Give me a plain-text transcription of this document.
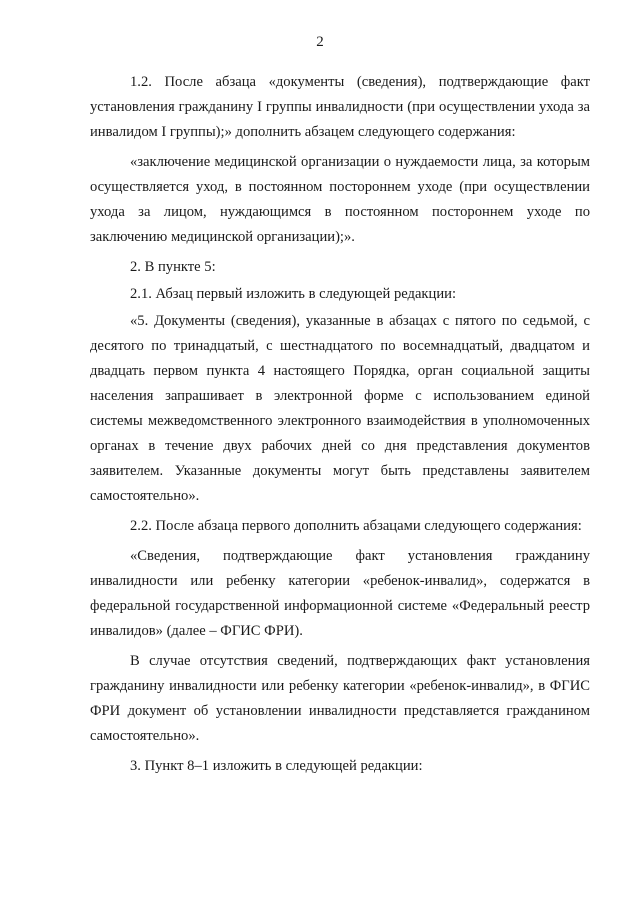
2

1.2. После абзаца «документы (сведения), подтверждающие факт установления гражданину I группы инвалидности (при осуществлении ухода за инвалидом I группы);» дополнить абзацем следующего содержания:

«заключение медицинской организации о нуждаемости лица, за которым осуществляется уход, в постоянном постороннем уходе (при осуществлении ухода за лицом, нуждающимся в постоянном постороннем уходе по заключению медицинской организации);».

2. В пункте 5:

2.1. Абзац первый изложить в следующей редакции:

«5. Документы (сведения), указанные в абзацах с пятого по седьмой, с десятого по тринадцатый, с шестнадцатого по восемнадцатый, двадцатом и двадцать первом пункта 4 настоящего Порядка, орган социальной защиты населения запрашивает в электронной форме с использованием единой системы межведомственного электронного взаимодействия в уполномоченных органах в течение двух рабочих дней со дня представления документов заявителем. Указанные документы могут быть представлены заявителем самостоятельно».

2.2. После абзаца первого дополнить абзацами следующего содержания:

«Сведения, подтверждающие факт установления гражданину инвалидности или ребенку категории «ребенок-инвалид», содержатся в федеральной государственной информационной системе «Федеральный реестр инвалидов» (далее – ФГИС ФРИ).

В случае отсутствия сведений, подтверждающих факт установления гражданину инвалидности или ребенку категории «ребенок-инвалид», в ФГИС ФРИ документ об установлении инвалидности представляется гражданином самостоятельно».

3. Пункт 8–1 изложить в следующей редакции:
